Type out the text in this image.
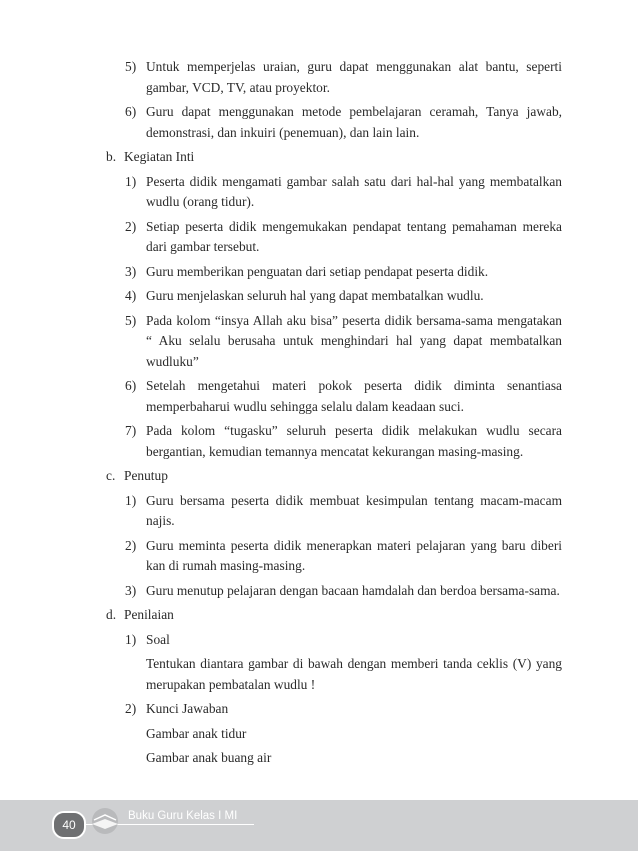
5) Untuk memperjelas uraian, guru dapat menggunakan alat bantu, seperti gambar, VCD, TV, atau proyektor.
6) Guru dapat menggunakan metode pembelajaran ceramah, Tanya jawab, demonstrasi, dan inkuiri (penemuan), dan lain lain.
b. Kegiatan Inti
1) Peserta didik mengamati gambar salah satu dari hal-hal yang membatalkan wudlu (orang tidur).
2) Setiap peserta didik mengemukakan pendapat tentang pemahaman mereka dari gambar tersebut.
3) Guru memberikan penguatan dari setiap pendapat peserta didik.
4) Guru menjelaskan seluruh hal yang dapat membatalkan wudlu.
5) Pada kolom “insya Allah aku bisa” peserta didik bersama-sama mengatakan “ Aku selalu berusaha untuk menghindari hal yang dapat membatalkan wudluku”
6) Setelah mengetahui materi pokok peserta didik diminta senantiasa memperbaharui wudlu sehingga selalu dalam keadaan suci.
7) Pada kolom “tugasku” seluruh peserta didik melakukan wudlu secara bergantian, kemudian temannya mencatat kekurangan masing-masing.
c. Penutup
1) Guru bersama peserta didik membuat kesimpulan tentang macam-macam najis.
2) Guru meminta peserta didik menerapkan materi pelajaran yang baru diberi kan di rumah masing-masing.
3) Guru menutup pelajaran dengan bacaan hamdalah dan berdoa bersama-sama.
d. Penilaian
1) Soal
Tentukan diantara gambar di bawah dengan memberi tanda ceklis (V) yang merupakan pembatalan wudlu !
2) Kunci Jawaban
Gambar anak tidur
Gambar anak buang air
40
Buku Guru Kelas I MI
